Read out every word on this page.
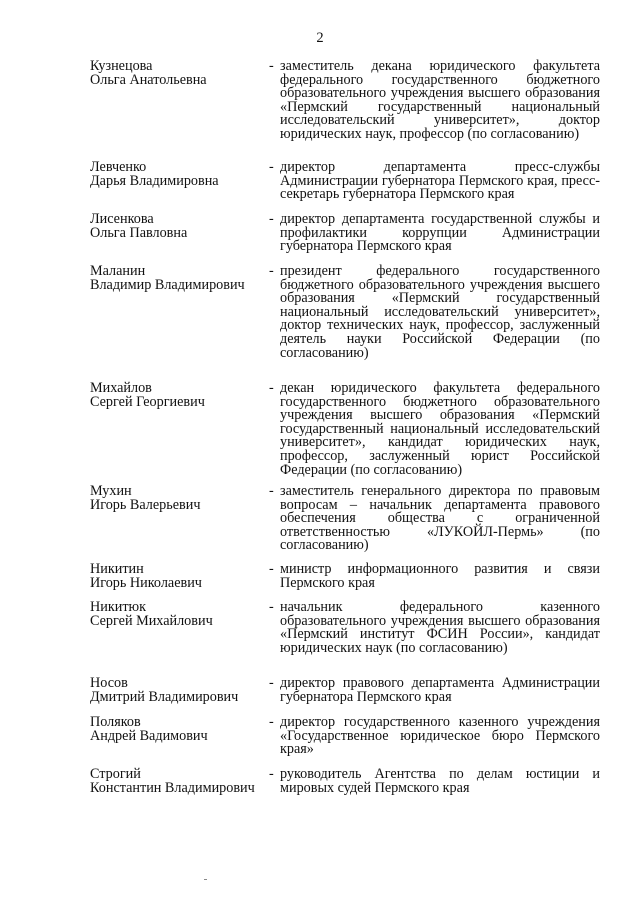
2
Кузнецова
Ольга Анатольевна
- заместитель декана юридического факультета федерального государственного бюджетного образовательного учреждения высшего образования «Пермский государственный национальный исследовательский университет», доктор юридических наук, профессор (по согласованию)
Левченко
Дарья Владимировна
- директор департамента пресс-службы Администрации губернатора Пермского края, пресс-секретарь губернатора Пермского края
Лисенкова
Ольга Павловна
- директор департамента государственной службы и профилактики коррупции Администрации губернатора Пермского края
Маланин
Владимир Владимирович
- президент федерального государственного бюджетного образовательного учреждения высшего образования «Пермский государственный национальный исследовательский университет», доктор технических наук, профессор, заслуженный деятель науки Российской Федерации (по согласованию)
Михайлов
Сергей Георгиевич
- декан юридического факультета федерального государственного бюджетного образовательного учреждения высшего образования «Пермский государственный национальный исследовательский университет», кандидат юридических наук, профессор, заслуженный юрист Российской Федерации (по согласованию)
Мухин
Игорь Валерьевич
- заместитель генерального директора по правовым вопросам – начальник департамента правового обеспечения общества с ограниченной ответственностью «ЛУКОЙЛ-Пермь» (по согласованию)
Никитин
Игорь Николаевич
- министр информационного развития и связи Пермского края
Никитюк
Сергей Михайлович
- начальник федерального казенного образовательного учреждения высшего образования «Пермский институт ФСИН России», кандидат юридических наук (по согласованию)
Носов
Дмитрий Владимирович
- директор правового департамента Администрации губернатора Пермского края
Поляков
Андрей Вадимович
- директор государственного казенного учреждения «Государственное юридическое бюро Пермского края»
Строгий
Константин Владимирович
- руководитель Агентства по делам юстиции и мировых судей Пермского края
